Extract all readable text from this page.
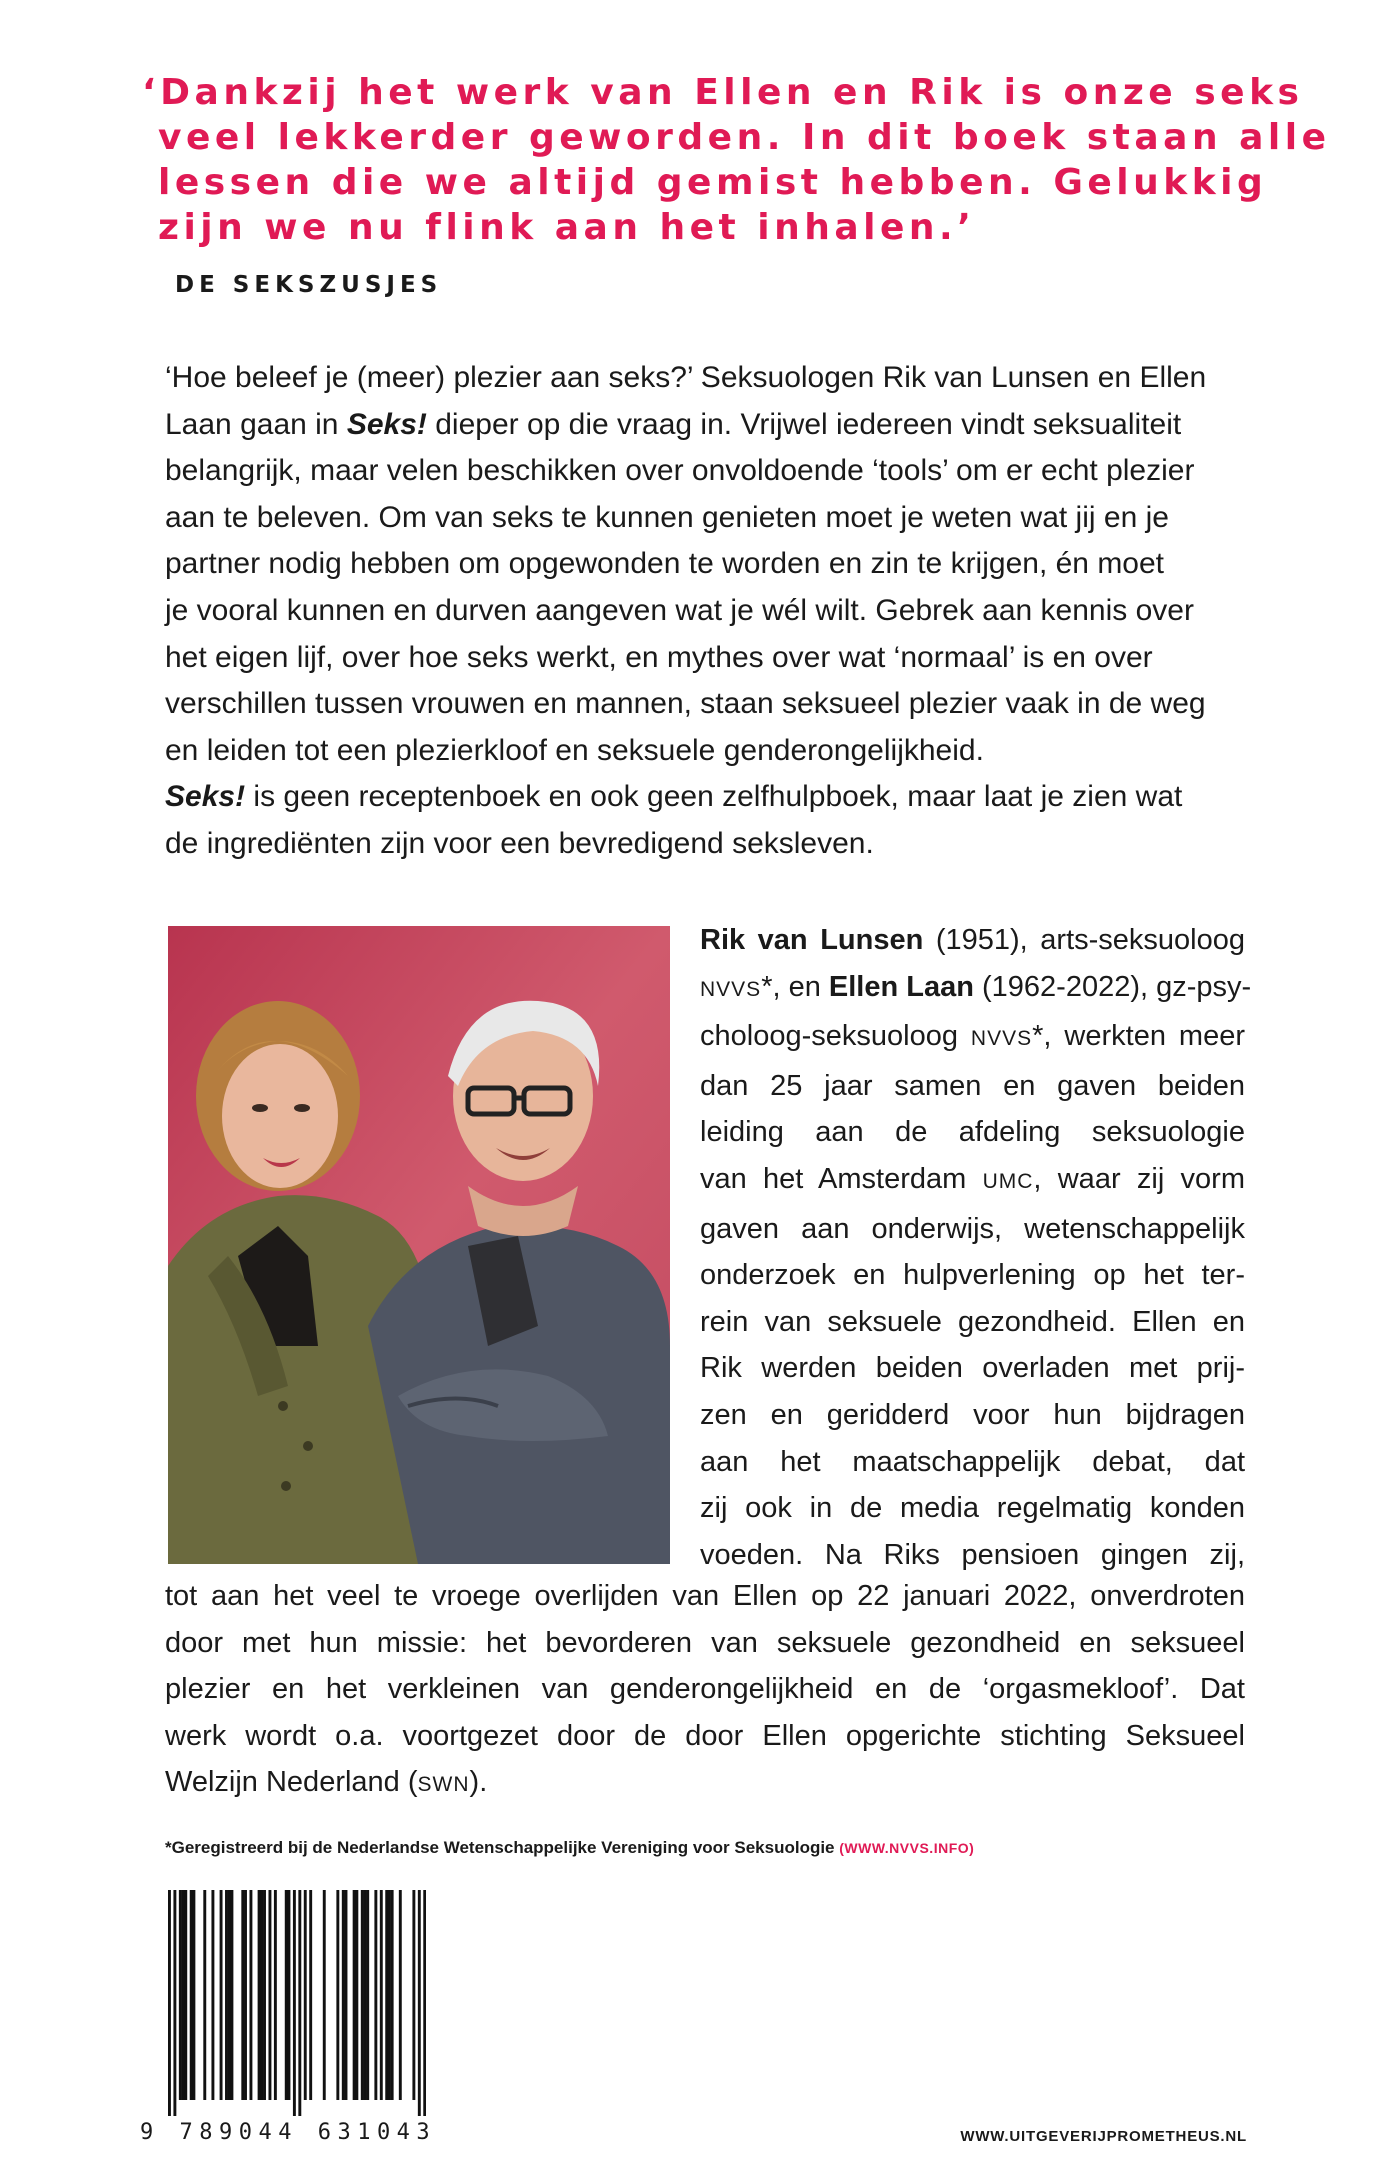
‘Dankzij het werk van Ellen en Rik is onze seks
veel lekkerder geworden. In dit boek staan alle
lessen die we altijd gemist hebben. Gelukkig
zijn we nu flink aan het inhalen.’
DE SEKSZUSJES
‘Hoe beleef je (meer) plezier aan seks?’ Seksuologen Rik van Lunsen en Ellen
Laan gaan in Seks! dieper op die vraag in. Vrijwel iedereen vindt seksualiteit
belangrijk, maar velen beschikken over onvoldoende ‘tools’ om er echt plezier
aan te beleven. Om van seks te kunnen genieten moet je weten wat jij en je
partner nodig hebben om opgewonden te worden en zin te krijgen, én moet
je vooral kunnen en durven aangeven wat je wél wilt. Gebrek aan kennis over
het eigen lijf, over hoe seks werkt, en mythes over wat ‘normaal’ is en over
verschillen tussen vrouwen en mannen, staan seksueel plezier vaak in de weg
en leiden tot een plezierkloof en seksuele genderongelijkheid.
Seks! is geen receptenboek en ook geen zelfhulpboek, maar laat je zien wat
de ingrediënten zijn voor een bevredigend seksleven.
Rik van Lunsen (1951), arts-seksuoloog
NVVS*, en Ellen Laan (1962-2022), gz-psy-
choloog-seksuoloog NVVS*, werkten meer
dan 25 jaar samen en gaven beiden
leiding aan de afdeling seksuologie
van het Amsterdam UMC, waar zij vorm
gaven aan onderwijs, wetenschappelijk
onderzoek en hulpverlening op het ter-
rein van seksuele gezondheid. Ellen en
Rik werden beiden overladen met prij-
zen en geridderd voor hun bijdragen
aan het maatschappelijk debat, dat
zij ook in de media regelmatig konden
voeden. Na Riks pensioen gingen zij,
tot aan het veel te vroege overlijden van Ellen op 22 januari 2022, onverdroten
door met hun missie: het bevorderen van seksuele gezondheid en seksueel
plezier en het verkleinen van genderongelijkheid en de ‘orgasmekloof’. Dat
werk wordt o.a. voortgezet door de door Ellen opgerichte stichting Seksueel
Welzijn Nederland (SWN).
*Geregistreerd bij de Nederlandse Wetenschappelijke Vereniging voor Seksuologie (WWW.NVVS.INFO)
9 789044 631043	WWW.UITGEVERIJPROMETHEUS.NL
